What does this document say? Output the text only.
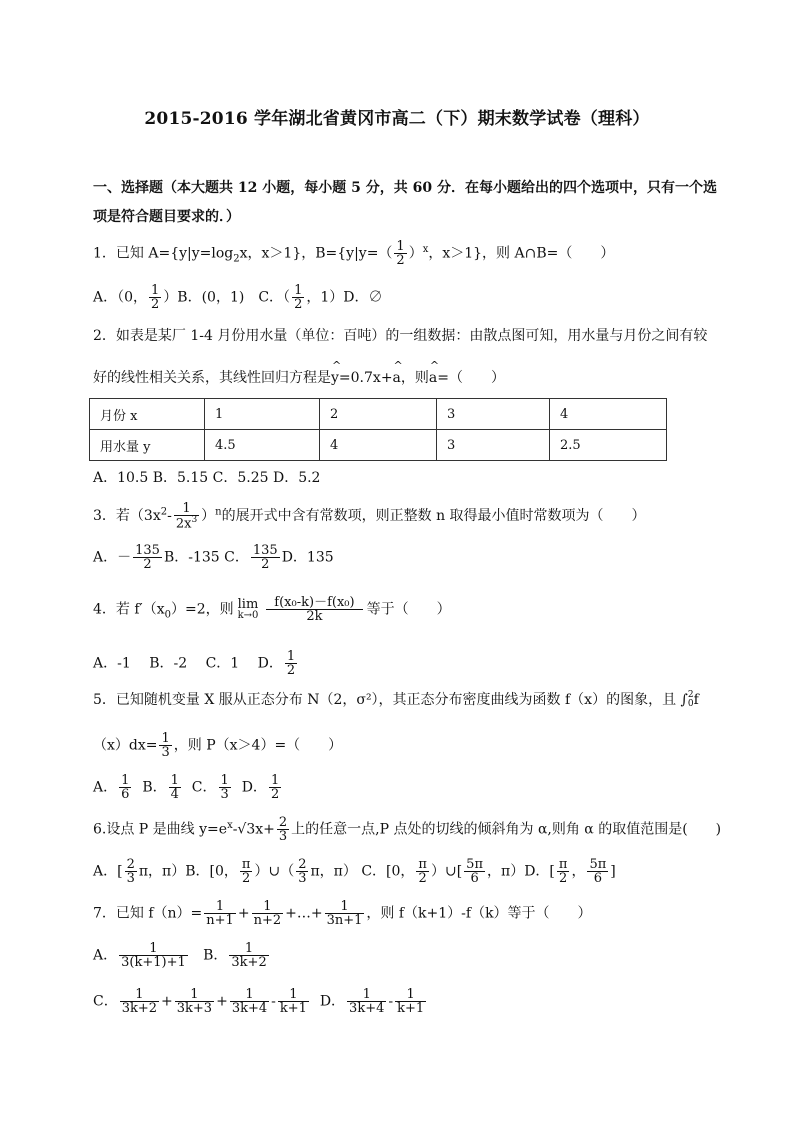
2015-2016 学年湖北省黄冈市高二（下）期末数学试卷（理科）
一、选择题（本大题共 12 小题，每小题 5 分，共 60 分．在每小题给出的四个选项中，只有一个选
项是符合题目要求的．）
1．已知 $A=\{y|y=\log_2x$，x＞1}，$B=\{y|y=( \frac{1}{2} )^x$，x＞1}，则 A∩B=（　　）
A．（0， $\frac{1}{2} )B$．(0，1)　C．（ $\frac{1}{2}$ ，1）D．∅
2．如表是某厂 1-4 月份用水量（单位：百吨）的一组数据：由散点图可知，用水量与月份之间有较
好的线性相关关系，其线性回归方程是^ y=0.7x+^ a，则^ a=（　　）
月份 x	1	2	3	4
用水量 y	4.5	4	3	2.5
A．10.5 B．5.15 C．5.25 D．5.2
3．若$(3x^2- \frac{1}{2x^3} )^n$的展开式中含有常数项，则正整数 n 取得最小值时常数项为（　　）
A．－ $\frac{135}{2}$ B．-135 C． $\frac{135}{2}$ D．135
4．若 $f'(x_0)=2$，则 lim
$k\to 0 \frac{\text{f(x₀-k)－f(x₀)}}{2k}$ 等于（　　）
A．-1　 B．-2　 C．1　 D． $\frac{1}{2}$
5．已知随机变量 X 服从正态分布 N（2，σ²），其正态分布密度曲线为函数 f（x）的图象，且 ∫ 2
0 f
$(x)dx= \frac{1}{3}$ ，则 P（x＞4）=（　　）
A． $\frac{1}{6}$ B． $\frac{1}{4}$ C． $\frac{1}{3}$ D． $\frac{1}{2}$
6.设点 P 是曲线 $y=e^x-√3x+ \frac{2}{3}$ 上的任意一点,P 点处的切线的倾斜角为 α,则角 α 的取值范围是(　　)
A．[ $\frac{2}{3}$ π，π）B．[0， $\frac{\pi}{2}$ ）∪（ $\frac{2}{3}$ π，π） C．[0， $\frac{\pi}{2}$ ）∪[ $\frac{5\pi}{6}$ ，π）D．[ $\frac{\pi}{2}$ ， $\frac{5\pi}{6}$ ]
7．已知 $f(n)= \frac{1}{n+1} + \frac{1}{n+2}$ +…+ $\frac{1}{3n+1}$ ，则 f（k+1）-f（k）等于（　　）
A． $\frac{1}{3(k+1)+1}$ B． $\frac{1}{3k+2}$
C． $\frac{1}{3k+2} + \frac{1}{3k+3} + \frac{1}{3k+4} - \frac{1}{k+1}$ D． $\frac{1}{3k+4} - \frac{1}{k+1}$
